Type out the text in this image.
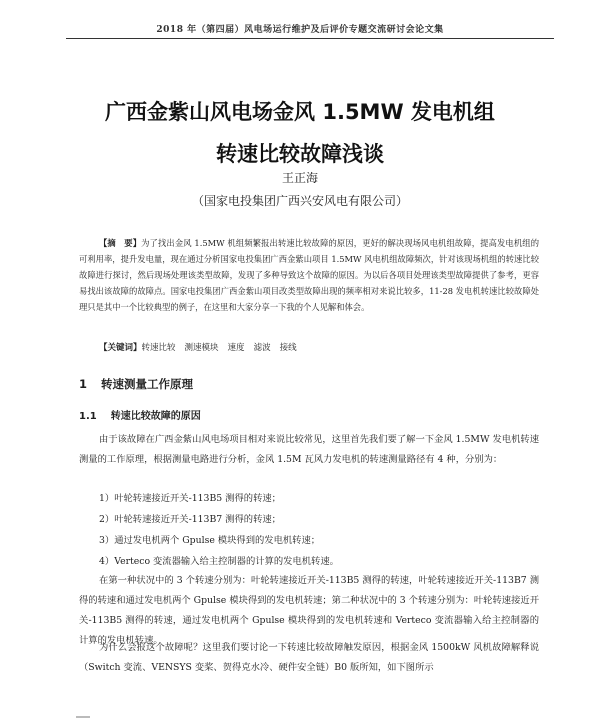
2018 年（第四届）风电场运行维护及后评价专题交流研讨会论文集
广西金紫山风电场金风 1.5MW 发电机组
转速比较故障浅谈
王正海
（国家电投集团广西兴安风电有限公司）

【摘　要】为了找出金风 1.5MW 机组频繁报出转速比较故障的原因，更好的解决现场风电机组故障，提高发电机组的可利用率，提升发电量，现在通过分析国家电投集团广西金紫山项目 1.5MW 风电机组故障频次，针对该现场机组的转速比较故障进行探讨，然后现场处理该类型故障，发现了多种导致这个故障的原因。为以后各项目处理该类型故障提供了参考，更容易找出该故障的故障点。国家电投集团广西金紫山项目改类型故障出现的频率相对来说比较多，11-28 发电机转速比较故障处理只是其中一个比较典型的例子，在这里和大家分享一下我的个人见解和体会。

【关键词】转速比较 测速模块 速度 滤波 接线

1 转速测量工作原理
1.1 转速比较故障的原因

由于该故障在广西金紫山风电场项目相对来说比较常见，这里首先我们要了解一下金风 1.5MW 发电机转速测量的工作原理，根据测量电路进行分析，金风 1.5M 瓦风力发电机的转速测量路径有 4 种，分别为：

1）叶轮转速接近开关-113B5 测得的转速；
2）叶轮转速接近开关-113B7 测得的转速；
3）通过发电机两个 Gpulse 模块得到的发电机转速；
4）Verteco 变流器输入给主控制器的计算的发电机转速。

在第一种状况中的 3 个转速分别为：叶轮转速接近开关-113B5 测得的转速，叶轮转速接近开关-113B7 测得的转速和通过发电机两个 Gpulse 模块得到的发电机转速；第二种状况中的 3 个转速分别为：叶轮转速接近开关-113B5 测得的转速，通过发电机两个 Gpulse 模块得到的发电机转速和 Verteco 变流器输入给主控制器的计算的发电机转速。

为什么会报这个故障呢？这里我们要讨论一下转速比较故障触发原因，根据金风 1500kW 风机故障解释说（Switch 变流、VENSYS 变桨、贺得克水冷、硬件安全链）B0 版所知，如下图所示
